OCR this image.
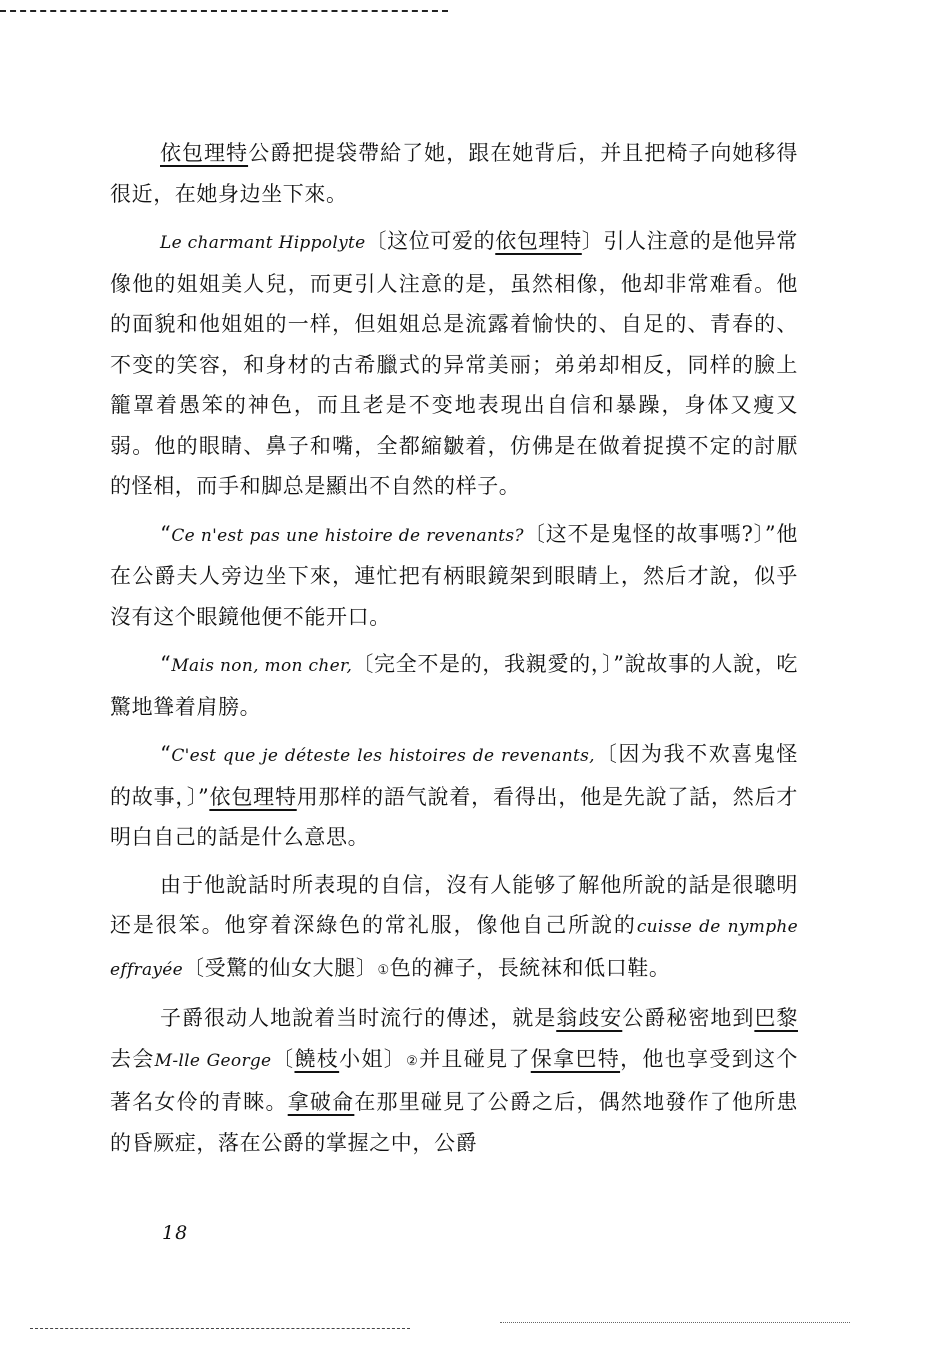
依包理特公爵把提袋帶給了她，跟在她背后，并且把椅子向她移得很近，在她身边坐下來。

Le charmant Hippolyte〔这位可爱的依包理特〕引人注意的是他异常像他的姐姐美人兒，而更引人注意的是，虽然相像，他却非常难看。他的面貌和他姐姐的一样，但姐姐总是流露着愉快的、自足的、青春的、不变的笑容，和身材的古希臘式的异常美丽；弟弟却相反，同样的臉上籠罩着愚笨的神色，而且老是不变地表現出自信和暴躁，身体又瘦又弱。他的眼睛、鼻子和嘴，全都縮皺着，仿佛是在做着捉摸不定的討厭的怪相，而手和脚总是顯出不自然的样子。

“Ce n'est pas une histoire de revenants?〔这不是鬼怪的故事嗎?〕”他在公爵夫人旁边坐下來，連忙把有柄眼鏡架到眼睛上，然后才說，似乎沒有这个眼鏡他便不能开口。

“Mais non, mon cher,〔完全不是的，我親愛的，〕”說故事的人說，吃驚地聳着肩膀。

“C'est que je déteste les histoires de revenants,〔因为我不欢喜鬼怪的故事，〕”依包理特用那样的語气說着，看得出，他是先說了話，然后才明白自己的話是什么意思。

由于他說話时所表現的自信，沒有人能够了解他所說的話是很聰明还是很笨。他穿着深綠色的常礼服，像他自己所說的cuisse de nymphe effrayée〔受驚的仙女大腿〕①色的褲子，長統袜和低口鞋。

子爵很动人地說着当时流行的傳述，就是翁歧安公爵秘密地到巴黎去会M-lle George〔饒枝小姐〕②并且碰見了保拿巴特，他也享受到这个著名女伶的青睞。拿破侖在那里碰見了公爵之后，偶然地發作了他所患的昏厥症，落在公爵的掌握之中，公爵

18
